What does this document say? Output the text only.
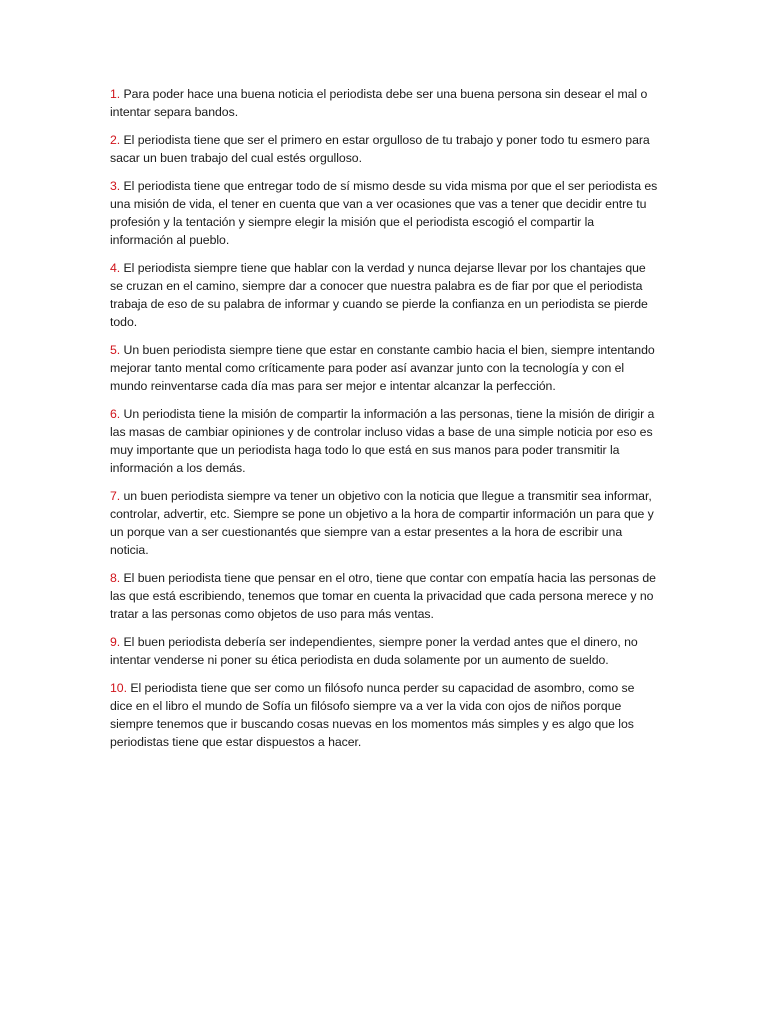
1. Para poder hace una buena noticia el periodista debe ser una buena persona sin desear el mal o intentar separa bandos.

2. El periodista tiene que ser el primero en estar orgulloso de tu trabajo y poner todo tu esmero para sacar un buen trabajo del cual estés orgulloso.

3. El periodista tiene que entregar todo de sí mismo desde su vida misma por que el ser periodista es una misión de vida, el tener en cuenta que van a ver ocasiones que vas a tener que decidir entre tu profesión y la tentación y siempre elegir la misión que el periodista escogió el compartir la información al pueblo.

4. El periodista siempre tiene que hablar con la verdad y nunca dejarse llevar por los chantajes que se cruzan en el camino, siempre dar a conocer que nuestra palabra es de fiar por que el periodista trabaja de eso de su palabra de informar y cuando se pierde la confianza en un periodista se pierde todo.

5. Un buen periodista siempre tiene que estar en constante cambio hacia el bien, siempre intentando mejorar tanto mental como críticamente para poder así avanzar junto con la tecnología y con el mundo reinventarse cada día mas para ser mejor e intentar alcanzar la perfección.

6. Un periodista tiene la misión de compartir la información a las personas, tiene la misión de dirigir a las masas de cambiar opiniones y de controlar incluso vidas a base de una simple noticia por eso es muy importante que un periodista haga todo lo que está en sus manos para poder transmitir la información a los demás.

7. un buen periodista siempre va tener un objetivo con la noticia que llegue a transmitir sea informar, controlar, advertir, etc. Siempre se pone un objetivo a la hora de compartir información un para que y un porque van a ser cuestionantés que siempre van a estar presentes a la hora de escribir una noticia.

8. El buen periodista tiene que pensar en el otro, tiene que contar con empatía hacia las personas de las que está escribiendo, tenemos que tomar en cuenta la privacidad que cada persona merece y no tratar a las personas como objetos de uso para más ventas.

9. El buen periodista debería ser independientes, siempre poner la verdad antes que el dinero, no intentar venderse ni poner su ética periodista en duda solamente por un aumento de sueldo.

10. El periodista tiene que ser como un filósofo nunca perder su capacidad de asombro, como se dice en el libro el mundo de Sofía un filósofo siempre va a ver la vida con ojos de niños porque siempre tenemos que ir buscando cosas nuevas en los momentos más simples y es algo que los periodistas tiene que estar dispuestos a hacer.
